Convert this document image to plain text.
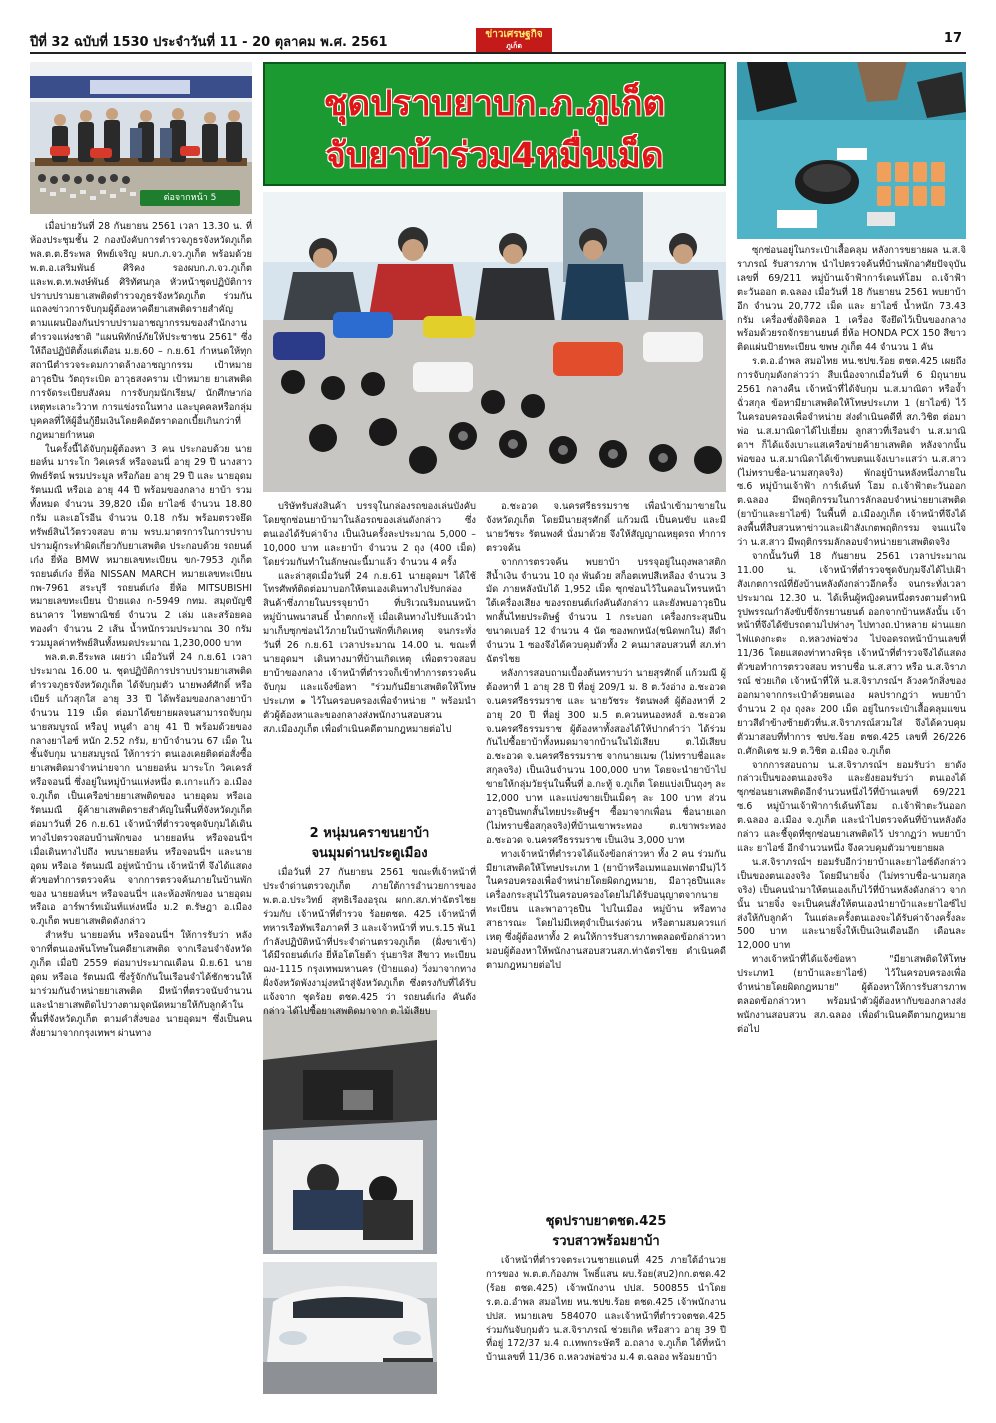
ปีที่ 32 ฉบับที่ 1530 ประจำวันที่ 11 - 20 ตุลาคม พ.ศ. 2561
ข่าวเศรษฐกิจ
ภูเก็ต	17
ต่อจากหน้า 5
ชุดปราบยาบก.ภ.ภูเก็ต
จับยาบ้าร่วม4หมื่นเม็ด

เมื่อบ่ายวันที่ 28 กันยายน 2561 เวลา 13.30 น. ที่ห้องประชุมชั้น 2 กองบังคับการตำรวจภูธรจังหวัดภูเก็ต พล.ต.ต.ธีระพล ทิพย์เจริญ ผบก.ภ.จว.ภูเก็ต พร้อมด้วย พ.ต.อ.เสริมพันธ์ ศิริคง รองผบก.ภ.จว.ภูเก็ต และพ.ต.ท.พงษ์พันธ์ ศิริทัศนกุล หัวหน้าชุดปฏิบัติการปราบปรามยาเสพติดตำรวจภูธรจังหวัดภูเก็ต ร่วมกันแถลงข่าวการจับกุมผู้ต้องหาคดียาเสพติดรายสำคัญ ตามแผนป้องกันปราบปรามอาชญากรรมของสำนักงานตำรวจแห่งชาติ "แผนพิทักษ์ภัยให้ประชาชน 2561" ซึ่งให้ถือปฏิบัติตั้งแต่เดือน ม.ย.60 – ก.ย.61 กำหนดให้ทุกสถานีตำรวจระดมกวาดล้างอาชญากรรม เป้าหมาย อาวุธปืน วัตถุระเบิด อาวุธสงคราม เป้าหมาย ยาเสพติด การจัดระเบียบสังคม การจับกุมนักเรียน/ นักศึกษาก่อเหตุทะเลาะวิวาท การแข่งรถในทาง และบุคคลหรือกลุ่มบุคคลที่ให้ผู้อื่นกู้ยืมเงินโดยคิดอัตราดอกเบี้ยเกินกว่าที่กฎหมายกำหนด

ในครั้งนี้ได้จับกุมผู้ต้องหา 3 คน ประกอบด้วย นายยอห์น มาระโก วิคเครส์ หรือจอนนี่ อายุ 29 ปี นางสาวทิพย์รัตน์ พรมประมูล หรือก้อย อายุ 29 ปี และ นายอุดม รัตนมณี หรือเอ อายุ 44 ปี พร้อมของกลาง ยาบ้า รวมทั้งหมด จำนวน 39,820 เม็ด ยาไอซ์ จำนวน 18.80 กรัม และเฮโรอีน จำนวน 0.18 กรัม พร้อมตรวจยึดทรัพย์สินไว้ตรวจสอบ ตาม พรบ.มาตรการในการปราบปรามผู้กระทำผิดเกี่ยวกับยาเสพติด ประกอบด้วย รถยนต์เก๋ง ยี่ห้อ BMW หมายเลขทะเบียน ขก-7953 ภูเก็ต รถยนต์เก๋ง ยี่ห้อ NISSAN MARCH หมายเลขทะเบียน กพ-7961 สระบุรี รถยนต์เก๋ง ยี่ห้อ MITSUBISHI หมายเลขทะเบียน ป้ายแดง ก-5949 กทม. สมุดบัญชีธนาคาร ไทยพาณิชย์ จำนวน 2 เล่ม และสร้อยคอทองคำ จำนวน 2 เส้น น้ำหนักรวมประมาณ 30 กรัม รวมมูลค่าทรัพย์สินทั้งหมดประมาณ 1,230,000 บาท

พล.ต.ต.ธีระพล เผยว่า เมื่อวันที่ 24 ก.ย.61 เวลาประมาณ 16.00 น. ชุดปฏิบัติการปราบปรามยาเสพติดตำรวจภูธรจังหวัดภูเก็ต ได้จับกุมตัว นายพงศ์ศักดิ์ หรือเบียร์ แก้วสุกใส อายุ 33 ปี ได้พร้อมของกลางยาบ้า จำนวน 119 เม็ด ต่อมาได้ขยายผลจนสามารถจับกุม นายสมบูรณ์ หรือปู หนูดำ อายุ 41 ปี พร้อมด้วยของกลางยาไอซ์ หนัก 2.52 กรัม, ยาบ้าจำนวน 67 เม็ด ในชั้นจับกุม นายสมบูรณ์ ให้การว่า ตนเองเคยติดต่อสั่งซื้อยาเสพติดมาจำหน่ายจาก นายยอห์น มาระโก วิคเครส์ หรือจอนนี่ ซึ่งอยู่ในหมู่บ้านแห่งหนึ่ง ต.เกาะแก้ว อ.เมือง จ.ภูเก็ต เป็นเครือข่ายยาเสพติดของ นายอุดม หรือเอ รัตนมณี ผู้ค้ายาเสพติดรายสำคัญในพื้นที่จังหวัดภูเก็ต ต่อมาวันที่ 26 ก.ย.61 เจ้าหน้าที่ตำรวจชุดจับกุมได้เดินทางไปตรวจสอบบ้านพักของ นายยอห์น หรือจอนนี่ฯ เมื่อเดินทางไปถึง พบนายยอห์น หรือจอนนี่ฯ และนายอุดม หรือเอ รัตนมณี อยู่หน้าบ้าน เจ้าหน้าที่ จึงได้แสดงตัวขอทำการตรวจค้น จากการตรวจค้นภายในบ้านพักของ นายยอห์นฯ หรือจอนนี่ฯ และห้องพักของ นายอุดม หรือเอ อาร์พาร์ทเม้นท์แห่งหนึ่ง ม.2 ต.รัษฎา อ.เมือง จ.ภูเก็ต พบยาเสพติดดังกล่าว

สำหรับ นายยอห์น หรือจอนนี่ฯ ให้การรับว่า หลังจากที่ตนเองพ้นโทษในคดียาเสพติด จากเรือนจำจังหวัดภูเก็ต เมื่อปี 2559 ต่อมาประมาณเดือน มิ.ย.61 นายอุดม หรือเอ รัตนมณี ซึ่งรู้จักกันในเรือนจำได้ชักชวนให้มาร่วมกันจำหน่ายยาเสพติด มีหน้าที่ตรวจนับจำนวน และนำยาเสพติดไปวางตามจุดนัดหมายให้กับลูกค้าในพื้นที่จังหวัดภูเก็ต ตามคำสั่งของ นายอุดมฯ ซึ่งเป็นคนสั่งยามาจากกรุงเทพฯ ผ่านทาง

บริษัทรับส่งสินค้า บรรจุในกล่องรถของเล่นบังคับโดยซุกซ่อนยาบ้ามาในล้อรถของเล่นดังกล่าว ซึ่งตนเองได้รับค่าจ้าง เป็นเงินครั้งละประมาณ 5,000 – 10,000 บาท และยาบ้า จำนวน 2 ถุง (400 เม็ด) โดยร่วมกันทำในลักษณะนี้มาแล้ว จำนวน 4 ครั้ง

และล่าสุดเมื่อวันที่ 24 ก.ย.61 นายอุดมฯ ได้ใช้โทรศัพท์ติดต่อมาบอกให้ตนเองเดินทางไปรับกล่องสินค้าซึ่งภายในบรรจุยาบ้า ที่บริเวณริมถนนหน้าหมู่บ้านพนาสนธิ์ น้ำตกกะทู้ เมื่อเดินทางไปรับแล้วนำมาเก็บซุกซ่อนไว้ภายในบ้านพักที่เกิดเหตุ จนกระทั่งวันที่ 26 ก.ย.61 เวลาประมาณ 14.00 น. ขณะที่ นายอุดมฯ เดินทางมาที่บ้านเกิดเหตุ เพื่อตรวจสอบยาบ้าของกลาง เจ้าหน้าที่ตำรวจก็เข้าทำการตรวจค้นจับกุม และแจ้งข้อหา "ร่วมกันมียาเสพติดให้โทษประเภท ๑ ไว้ในครอบครองเพื่อจำหน่าย " พร้อมนำตัวผู้ต้องหาและของกลางส่งพนักงานสอบสวน สภ.เมืองภูเก็ต เพื่อดำเนินคดีตามกฎหมายต่อไป

2 หนุ่มนคราขนยาบ้า
จนมุมด่านประตูเมือง

เมื่อวันที่ 27 กันยายน 2561 ขณะที่เจ้าหน้าที่ประจำด่านตรวจภูเก็ต ภายใต้การอำนวยการของ พ.ต.อ.ประวิทย์ สุทธิเรืองอรุณ ผกก.สภ.ท่าฉัตรไชย ร่วมกับ เจ้าหน้าที่ตำรวจ ร้อยตชด. 425 เจ้าหน้าที่ทหารเรือทัพเรือภาคที่ 3 และเจ้าหน้าที่ ทบ.ร.15 พัน1 กำลังปฏิบัติหน้าที่ประจำด่านตรวจภูเก็ต (ฝั่งขาเข้า) ได้มีรถยนต์เก๋ง ยี่ห้อโตโยต้า รุ่นยาริส สีขาว ทะเบียน ฌง-1115 กรุงเทพมหานคร (ป้ายแดง) วิ่งมาจากทางฝั่งจังหวัดพังงามุ่งหน้าสู่จังหวัดภูเก็ต ซึ่งตรงกับที่ได้รับแจ้งจาก ชุดร้อย ตชด.425 ว่า รถยนต์เก๋ง คันดังกล่าว ได้ไปซื้อยาเสพติดมาจาก ต.ไม้เสียบ

อ.ชะอวด จ.นครศรีธรรมราช เพื่อนำเข้ามาขายในจังหวัดภูเก็ต โดยมีนายสุรศักดิ์ แก้วมณี เป็นคนขับ และมีนายวัชระ รัตนพงศ์ นั่งมาด้วย จึงให้สัญญาณหยุดรถ ทำการตรวจค้น

จากการตรวจค้น พบยาบ้า บรรจุอยู่ในถุงพลาสติก สีน้ำเงิน จำนวน 10 ถุง พันด้วย สก็อตเทปสีเหลือง จำนวน 3 มัด ภายหลังนับได้ 1,952 เม็ด ซุกซ่อนไว้ในคอนโทรนหน้า ใต้เครื่องเสียง ของรถยนต์เก๋งคันดังกล่าว และยังพบอาวุธปืนพกสั้นไทยประดิษฐ์ จำนวน 1 กระบอก เครื่องกระสุนปืน ขนาดเบอร์ 12 จำนวน 4 นัด ซองพกหนัง(ชนิดพกใน) สีดำจำนวน 1 ซองจึงได้ควบคุมตัวทั้ง 2 คนมาสอบสวนที่ สภ.ท่าฉัตรไชย

หลังการสอบถามเบื้องต้นทราบว่า นายสุรศักดิ์ แก้วมณี ผู้ต้องหาที่ 1 อายุ 28 ปี ที่อยู่ 209/1 ม. 8 ต.วังอ่าง อ.ชะอวด จ.นครศรีธรรมราช และ นายวัชระ รัตนพงศ์ ผู้ต้องหาที่ 2 อายุ 20 ปี ที่อยู่ 300 ม.5 ต.ควนหนองหงส์ อ.ชะอวด จ.นครศรีธรรมราช ผู้ต้องหาทั้งสองได้ให้ปากคำว่า ได้ร่วมกันไปซื้อยาบ้าทั้งหมดมาจากบ้านในไม้เสียบ ต.ไม้เสียบ อ.ชะอวด จ.นครศรีธรรมราช จากนายเมฆ (ไม่ทราบชื่อและสกุลจริง) เป็นเงินจำนวน 100,000 บาท โดยจะนำยาบ้าไปขายให้กลุ่มวัยรุ่นในพื้นที่ อ.กะทู้ จ.ภูเก็ต โดยแบ่งเป็นถุงๆ ละ 12,000 บาท และแบ่งขายเป็นเม็ดๆ ละ 100 บาท ส่วนอาวุธปืนพกสั้นไทยประดิษฐ์ฯ ซื้อมาจากเพื่อน ชื่อนายเอก (ไม่ทราบชื่อสกุลจริง)ที่บ้านเขาพระทอง ต.เขาพระทอง อ.ชะอวด จ.นครศรีธรรมราช เป็นเงิน 3,000 บาท

ทางเจ้าหน้าที่ตำรวจได้แจ้งข้อกล่าวหา ทั้ง 2 คน ร่วมกันมียาเสพติดให้โทษประเภท 1 (ยาบ้าหรือเมทแอมเฟตามีน)ไว้ในครอบครองเพื่อจำหน่ายโดยผิดกฎหมาย, มีอาวุธปืนและเครื่องกระสุนไว้ในครอบครองโดยไม่ได้รับอนุญาตจากนายทะเบียน และพาอาวุธปืน ไปในเมือง หมู่บ้าน หรือทางสาธารณะ โดยไม่มีเหตุจำเป็นเร่งด่วน หรือตามสมควรแก่เหตุ ซึ่งผู้ต้องหาทั้ง 2 คนให้การรับสารภาพตลอดข้อกล่าวหา มอบผู้ต้องหาให้พนักงานสอบสวนสภ.ท่าฉัตรไชย ดำเนินคดีตามกฎหมายต่อไป

ชุดปราบยาตชด.425
รวบสาวพร้อมยาบ้า

เจ้าหน้าที่ตำรวจตระเวนชายแดนที่ 425 ภายใต้อำนวยการของ พ.ต.ต.ก้องภพ โพธิ์แสน ผบ.ร้อย(สบ2)กก.ตชด.42 (ร้อย ตชด.425) เจ้าพนักงาน ปปส. 500855 นำโดย ร.ต.อ.อำพล สมอไทย หน.ชปข.ร้อย ตชด.425 เจ้าพนักงาน ปปส. หมายเลข 584070 และเจ้าหน้าที่ตำรวจตชด.425 ร่วมกันจับกุมตัว น.ส.จิราภรณ์ ช่วยเกิด หรือสาว อายุ 39 ปี ที่อยู่ 172/37 ม.4 ถ.เทพกระษัตรี อ.ถลาง จ.ภูเก็ต ได้ที่หน้าบ้านเลขที่ 11/36 ถ.หลวงพ่อช่วง ม.4 ต.ฉลอง พร้อมยาบ้า

ซุกซ่อนอยู่ในกระเป๋าเสื้อคลุม หลังการขยายผล น.ส.จิราภรณ์ รับสารภาพ นำไปตรวจค้นที่บ้านพักอาศัยปัจจุบันเลขที่ 69/211 หมู่บ้านเจ้าฟ้าการ์เดนท์โฮม ถ.เจ้าฟ้าตะวันออก ต.ฉลอง เมื่อวันที่ 18 กันยายน 2561 พบยาบ้าอีก จำนวน 20,772 เม็ด และ ยาไอซ์ น้ำหนัก 73.43 กรัม เครื่องชั่งดิจิตอล 1 เครื่อง จึงยึดไว้เป็นของกลาง พร้อมด้วยรถจักรยานยนต์ ยี่ห้อ HONDA PCX 150 สีขาว ติดแผ่นป้ายทะเบียน ขพษ ภูเก็ต 44 จำนวน 1 คัน

ร.ต.อ.อำพล สมอไทย หน.ชปข.ร้อย ตชด.425 เผยถึงการจับกุมดังกล่าวว่า สืบเนื่องจากเมื่อวันที่ 6 มิถุนายน 2561 กลางคืน เจ้าหน้าที่ได้จับกุม น.ส.มาณิดา หรือจ้ำ ฉั่วสกุล ข้อหามียาเสพติดให้โทษประเภท 1 (ยาไอซ์) ไว้ในครอบครองเพื่อจำหน่าย ส่งดำเนินคดีที่ สภ.วิชิต ต่อมาพ่อ น.ส.มาณิดาได้ไปเยี่ยม ลูกสาวที่เรือนจำ น.ส.มาณิดาฯ ก็ได้แจ้งเบาะแสเครือข่ายค้ายาเสพติด หลังจากนั้นพ่อของ น.ส.มาณิดาได้เข้าพบตนแจ้งเบาะแสว่า น.ส.สาว (ไม่ทราบชื่อ-นามสกุลจริง) พักอยู่บ้านหลังหนึ่งภายใน ซ.6 หมู่บ้านเจ้าฟ้า การ์เด้นท์ โฮม ถ.เจ้าฟ้าตะวันออก ต.ฉลอง มีพฤติกรรมในการลักลอบจำหน่ายยาเสพติด (ยาบ้าและยาไอซ์) ในพื้นที่ อ.เมืองภูเก็ต เจ้าหน้าที่จึงได้ลงพื้นที่สืบสวนหาข่าวและเฝ้าสังเกตพฤติกรรม จนแน่ใจว่า น.ส.สาว มีพฤติกรรมลักลอบจำหน่ายยาเสพติดจริง

จากนั้นวันที่ 18 กันยายน 2561 เวลาประมาณ 11.00 น. เจ้าหน้าที่ตำรวจชุดจับกุมจึงได้ไปเฝ้าสังเกตการณ์ที่ยังบ้านหลังดังกล่าวอีกครั้ง จนกระทั่งเวลาประมาณ 12.30 น. ได้เห็นผู้หญิงคนหนึ่งตรงตามตำหนิรูปพรรณกำลังขับขี่จักรยานยนต์ ออกจากบ้านหลังนั้น เจ้าหน้าที่จึงได้ขับรถตามไปห่างๆ ไปทางถ.ป่าหลาย ผ่านแยกไฟแดงกะตะ ถ.หลวงพ่อช่วง ไปจอดรถหน้าบ้านเลขที่ 11/36 โดยแสดงท่าทางพิรุธ เจ้าหน้าที่ตำรวจจึงได้แสดงตัวขอทำการตรวจสอบ ทราบชื่อ น.ส.สาว หรือ น.ส.จิราภรณ์ ช่วยเกิด เจ้าหน้าที่ให้ น.ส.จิราภรณ์ฯ ล้วงควักสิ่งของออกมาจากกระเป๋าด้วยตนเอง ผลปรากฏว่า พบยาบ้า จำนวน 2 ถุง ถุงละ 200 เม็ด อยู่ในกระเป๋าเสื้อคลุมแขนยาวสีดำข้างซ้ายตัวที่น.ส.จิราภรณ์สวมใส่ จึงได้ควบคุมตัวมาสอบที่ทำการ ชปข.ร้อย ตชด.425 เลขที่ 26/226 ถ.ศักดิเดช ม.9 ต.วิชิต อ.เมือง จ.ภูเก็ต

จากการสอบถาม น.ส.จิราภรณ์ฯ ยอมรับว่า ยาดังกล่าวเป็นของตนเองจริง และยังยอมรับว่า ตนเองได้ซุกซ่อนยาเสพติดอีกจำนวนหนึ่งไว้ที่บ้านเลขที่ 69/221 ซ.6 หมู่บ้านเจ้าฟ้าการ์เด้นท์โฮม ถ.เจ้าฟ้าตะวันออก ต.ฉลอง อ.เมือง จ.ภูเก็ต และนำไปตรวจค้นที่บ้านหลังดังกล่าว และชี้จุดที่ซุกซ่อนยาเสพติดไว้ ปรากฏว่า พบยาบ้าและ ยาไอซ์ อีกจำนวนหนึ่ง จึงควบคุมตัวมาขยายผล

น.ส.จิราภรณ์ฯ ยอมรับอีกว่ายาบ้าและยาไอซ์ดังกล่าวเป็นของตนเองจริง โดยมีนายจิ๋ง (ไม่ทราบชื่อ-นามสกุลจริง) เป็นคนนำมาให้ตนเองเก็บไว้ที่บ้านหลังดังกล่าว จากนั้น นายจิ๋ง จะเป็นคนสั่งให้ตนเองนำยาบ้าและยาไอซ์ไปส่งให้กับลูกค้า ในแต่ละครั้งตนเองจะได้รับค่าจ้างครั้งละ 500 บาท และนายจิ๋งให้เป็นเงินเดือนอีก เดือนละ 12,000 บาท

ทางเจ้าหน้าที่ได้แจ้งข้อหา "มียาเสพติดให้โทษประเภท1 (ยาบ้าและยาไอซ์) ไว้ในครอบครองเพื่อจำหน่ายโดยผิดกฎหมาย" ผู้ต้องหาให้การรับสารภาพตลอดข้อกล่าวหา พร้อมนำตัวผู้ต้องหากับของกลางส่งพนักงานสอบสวน สภ.ฉลอง เพื่อดำเนินคดีตามกฎหมาย ต่อไป
